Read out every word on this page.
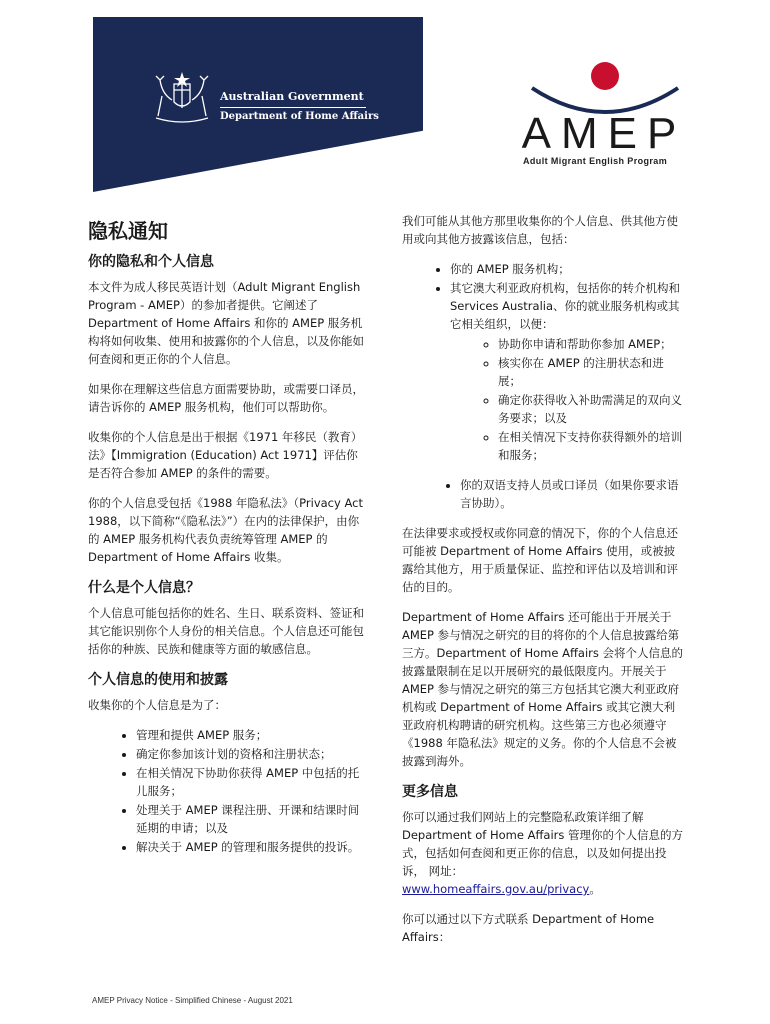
Australian Government
Department of Home Affairs	AMEP
Adult Migrant English Program
隐私通知
你的隐私和个人信息

本文件为成人移民英语计划（Adult Migrant English Program - AMEP）的参加者提供。它阐述了 Department of Home Affairs 和你的 AMEP 服务机构将如何收集、使用和披露你的个人信息，以及你能如何查阅和更正你的个人信息。

如果你在理解这些信息方面需要协助，或需要口译员，请告诉你的 AMEP 服务机构，他们可以帮助你。

收集你的个人信息是出于根据《1971 年移民（教育）法》【Immigration (Education) Act 1971】评估你是否符合参加 AMEP 的条件的需要。

你的个人信息受包括《1988 年隐私法》（Privacy Act 1988，以下简称“《隐私法》”）在内的法律保护，由你的 AMEP 服务机构代表负责统筹管理 AMEP 的 Department of Home Affairs 收集。

什么是个人信息？

个人信息可能包括你的姓名、生日、联系资料、签证和其它能识别你个人身份的相关信息。个人信息还可能包括你的种族、民族和健康等方面的敏感信息。

个人信息的使用和披露

收集你的个人信息是为了：

• 管理和提供 AMEP 服务；
• 确定你参加该计划的资格和注册状态；
• 在相关情况下协助你获得 AMEP 中包括的托儿服务；
• 处理关于 AMEP 课程注册、开课和结课时间延期的申请；以及
• 解决关于 AMEP 的管理和服务提供的投诉。

我们可能从其他方那里收集你的个人信息、供其他方使用或向其他方披露该信息，包括：

• 你的 AMEP 服务机构；
• 其它澳大利亚政府机构，包括你的转介机构和 Services Australia、你的就业服务机构或其它相关组织，以便：
◦ 协助你申请和帮助你参加 AMEP；
◦ 核实你在 AMEP 的注册状态和进展；
◦ 确定你获得收入补助需满足的双向义务要求；以及
◦ 在相关情况下支持你获得额外的培训和服务；
• 你的双语支持人员或口译员（如果你要求语言协助）。

在法律要求或授权或你同意的情况下，你的个人信息还可能被 Department of Home Affairs 使用，或被披露给其他方，用于质量保证、监控和评估以及培训和评估的目的。

Department of Home Affairs 还可能出于开展关于 AMEP 参与情况之研究的目的将你的个人信息披露给第三方。Department of Home Affairs 会将个人信息的披露量限制在足以开展研究的最低限度内。开展关于 AMEP 参与情况之研究的第三方包括其它澳大利亚政府机构或 Department of Home Affairs 或其它澳大利亚政府机构聘请的研究机构。这些第三方也必须遵守《1988 年隐私法》规定的义务。你的个人信息不会被披露到海外。

更多信息

你可以通过我们网站上的完整隐私政策详细了解 Department of Home Affairs 管理你的个人信息的方式，包括如何查阅和更正你的信息，以及如何提出投诉， 网址：
www.homeaffairs.gov.au/privacy。

你可以通过以下方式联系 Department of Home Affairs：

AMEP Privacy Notice - Simplified Chinese - August 2021
